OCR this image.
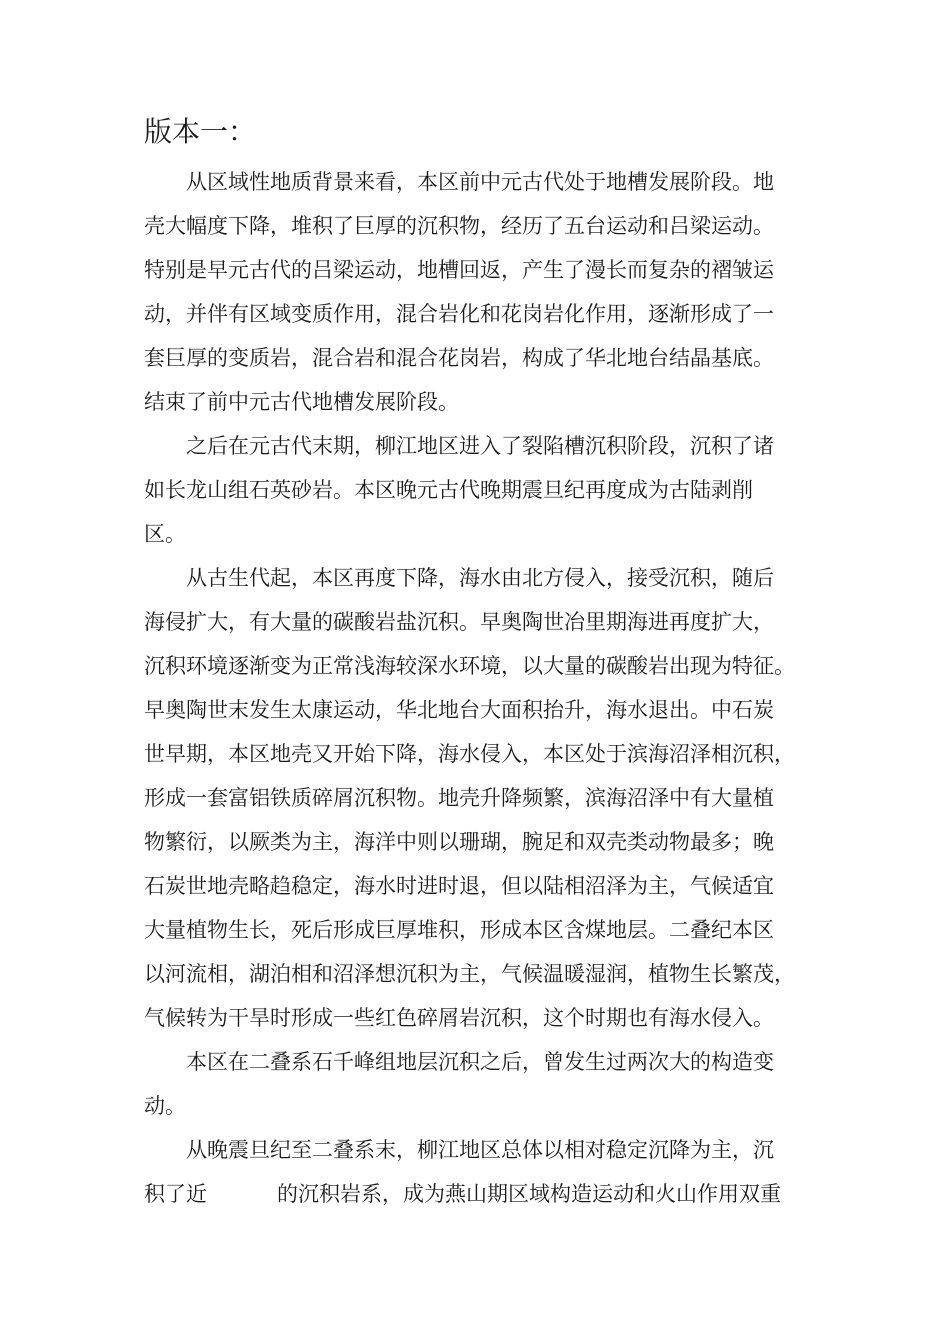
版本一：

从区域性地质背景来看，本区前中元古代处于地槽发展阶段。地
壳大幅度下降，堆积了巨厚的沉积物，经历了五台运动和吕梁运动。
特别是早元古代的吕梁运动，地槽回返，产生了漫长而复杂的褶皱运
动，并伴有区域变质作用，混合岩化和花岗岩化作用，逐渐形成了一
套巨厚的变质岩，混合岩和混合花岗岩，构成了华北地台结晶基底。
结束了前中元古代地槽发展阶段。

之后在元古代末期，柳江地区进入了裂陷槽沉积阶段，沉积了诸
如长龙山组石英砂岩。本区晚元古代晚期震旦纪再度成为古陆剥削
区。

从古生代起，本区再度下降，海水由北方侵入，接受沉积，随后
海侵扩大，有大量的碳酸岩盐沉积。早奥陶世冶里期海进再度扩大，
沉积环境逐渐变为正常浅海较深水环境，以大量的碳酸岩出现为特征。
早奥陶世末发生太康运动，华北地台大面积抬升，海水退出。中石炭
世早期，本区地壳又开始下降，海水侵入，本区处于滨海沼泽相沉积，
形成一套富铝铁质碎屑沉积物。地壳升降频繁，滨海沼泽中有大量植
物繁衍，以厥类为主，海洋中则以珊瑚，腕足和双壳类动物最多；晚
石炭世地壳略趋稳定，海水时进时退，但以陆相沼泽为主，气候适宜
大量植物生长，死后形成巨厚堆积，形成本区含煤地层。二叠纪本区
以河流相，湖泊相和沼泽想沉积为主，气候温暖湿润，植物生长繁茂，
气候转为干旱时形成一些红色碎屑岩沉积，这个时期也有海水侵入。

本区在二叠系石千峰组地层沉积之后，曾发生过两次大的构造变
动。

从晚震旦纪至二叠系末，柳江地区总体以相对稳定沉降为主，沉
积了近	的沉积岩系，成为燕山期区域构造运动和火山作用双重
